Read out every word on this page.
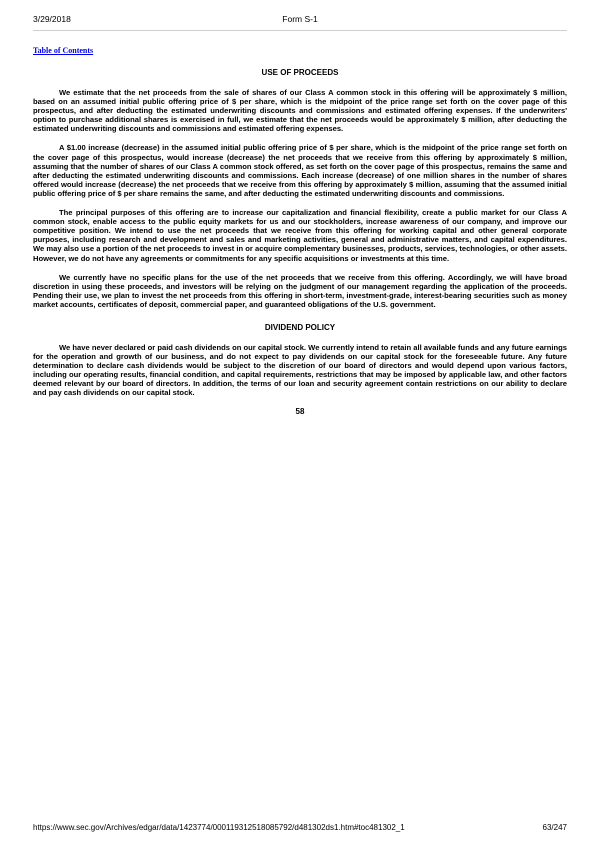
3/29/2018	Form S-1
Table of Contents
USE OF PROCEEDS

We estimate that the net proceeds from the sale of shares of our Class A common stock in this offering will be approximately $ million, based on an assumed initial public offering price of $ per share, which is the midpoint of the price range set forth on the cover page of this prospectus, and after deducting the estimated underwriting discounts and commissions and estimated offering expenses. If the underwriters' option to purchase additional shares is exercised in full, we estimate that the net proceeds would be approximately $ million, after deducting the estimated underwriting discounts and commissions and estimated offering expenses.

A $1.00 increase (decrease) in the assumed initial public offering price of $ per share, which is the midpoint of the price range set forth on the cover page of this prospectus, would increase (decrease) the net proceeds that we receive from this offering by approximately $ million, assuming that the number of shares of our Class A common stock offered, as set forth on the cover page of this prospectus, remains the same and after deducting the estimated underwriting discounts and commissions. Each increase (decrease) of one million shares in the number of shares offered would increase (decrease) the net proceeds that we receive from this offering by approximately $ million, assuming that the assumed initial public offering price of $ per share remains the same, and after deducting the estimated underwriting discounts and commissions.

The principal purposes of this offering are to increase our capitalization and financial flexibility, create a public market for our Class A common stock, enable access to the public equity markets for us and our stockholders, increase awareness of our company, and improve our competitive position. We intend to use the net proceeds that we receive from this offering for working capital and other general corporate purposes, including research and development and sales and marketing activities, general and administrative matters, and capital expenditures. We may also use a portion of the net proceeds to invest in or acquire complementary businesses, products, services, technologies, or other assets. However, we do not have any agreements or commitments for any specific acquisitions or investments at this time.

We currently have no specific plans for the use of the net proceeds that we receive from this offering. Accordingly, we will have broad discretion in using these proceeds, and investors will be relying on the judgment of our management regarding the application of the proceeds. Pending their use, we plan to invest the net proceeds from this offering in short-term, investment-grade, interest-bearing securities such as money market accounts, certificates of deposit, commercial paper, and guaranteed obligations of the U.S. government.

DIVIDEND POLICY

We have never declared or paid cash dividends on our capital stock. We currently intend to retain all available funds and any future earnings for the operation and growth of our business, and do not expect to pay dividends on our capital stock for the foreseeable future. Any future determination to declare cash dividends would be subject to the discretion of our board of directors and would depend upon various factors, including our operating results, financial condition, and capital requirements, restrictions that may be imposed by applicable law, and other factors deemed relevant by our board of directors. In addition, the terms of our loan and security agreement contain restrictions on our ability to declare and pay cash dividends on our capital stock.

58
https://www.sec.gov/Archives/edgar/data/1423774/000119312518085792/d481302ds1.htm#toc481302_1	63/247
